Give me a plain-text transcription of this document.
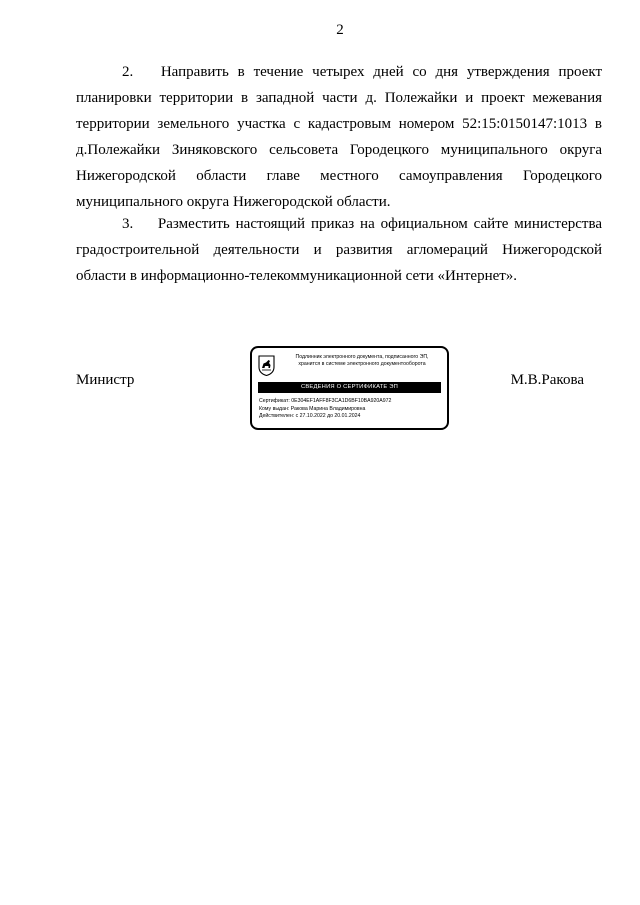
2

2. Направить в течение четырех дней со дня утверждения проект планировки территории в западной части д. Полежайки и проект межевания территории земельного участка с кадастровым номером 52:15:0150147:1013 в д.Полежайки Зиняковского сельсовета Городецкого муниципального округа Нижегородской области главе местного самоуправления Городецкого муниципального округа Нижегородской области.

3. Разместить настоящий приказ на официальном сайте министерства градостроительной деятельности и развития агломераций Нижегородской области в информационно-телекоммуникационной сети «Интернет».

Министр
Подлинник электронного документа, подписанного ЭП,
хранится в системе электронного документооборота
СВЕДЕНИЯ О СЕРТИФИКАТЕ ЭП
Сертификат: 0E304EF1AFF8F3CA1D6BF10BA920A972
Кому выдан: Ракова Марина Владимировна
Действителен: с 27.10.2022 до 20.01.2024
М.В.Ракова
